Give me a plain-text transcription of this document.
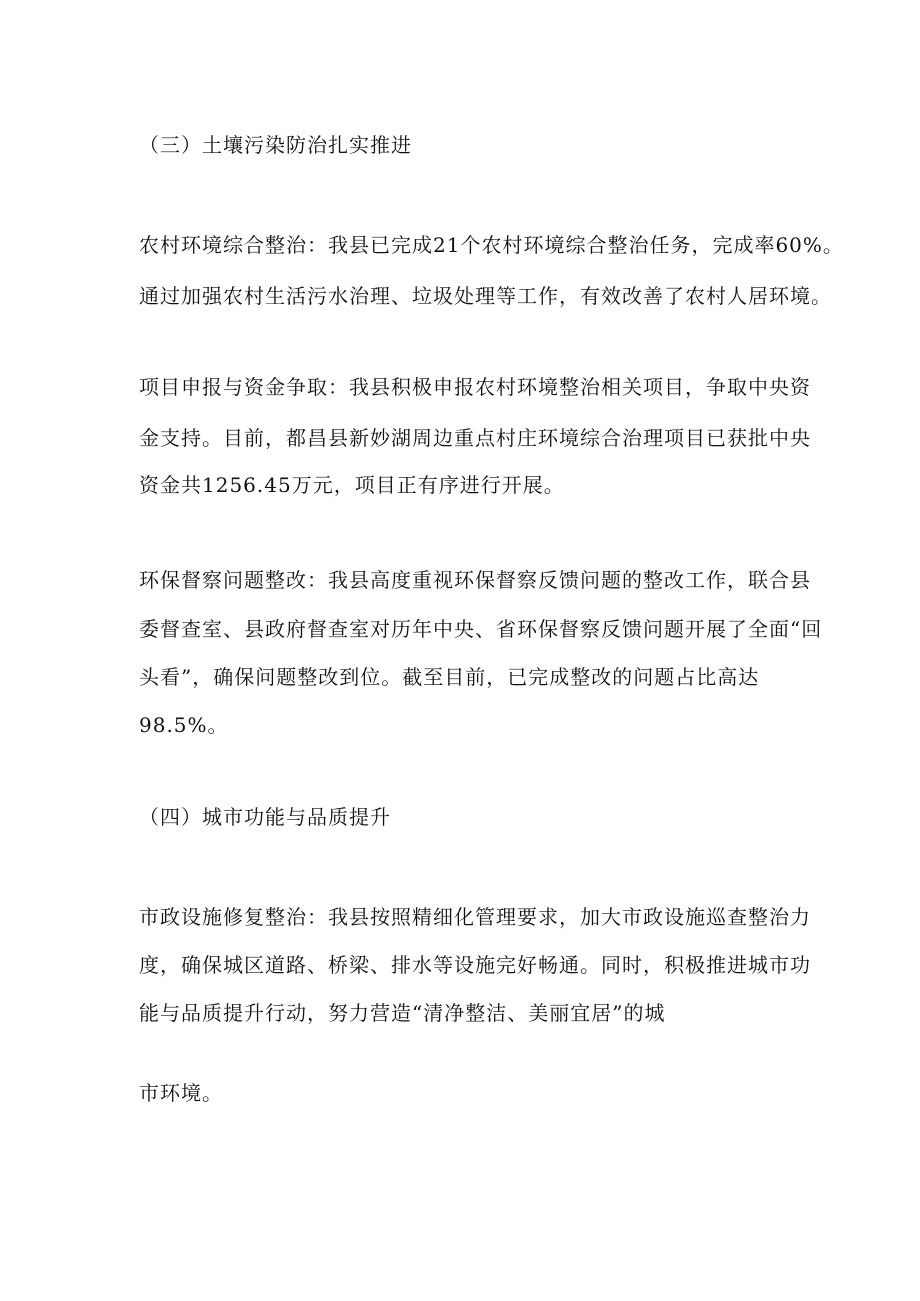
（三）土壤污染防治扎实推进
农村环境综合整治：我县已完成21个农村环境综合整治任务，完成率60%。
通过加强农村生活污水治理、垃圾处理等工作，有效改善了农村人居环境。
项目申报与资金争取：我县积极申报农村环境整治相关项目，争取中央资
金支持。目前，都昌县新妙湖周边重点村庄环境综合治理项目已获批中央
资金共1256.45万元，项目正有序进行开展。
环保督察问题整改：我县高度重视环保督察反馈问题的整改工作，联合县
委督查室、县政府督查室对历年中央、省环保督察反馈问题开展了全面“回
头看”，确保问题整改到位。截至目前，已完成整改的问题占比高达
98.5%。
（四）城市功能与品质提升
市政设施修复整治：我县按照精细化管理要求，加大市政设施巡查整治力
度，确保城区道路、桥梁、排水等设施完好畅通。同时，积极推进城市功
能与品质提升行动，努力营造“清净整洁、美丽宜居”的城
市环境。
